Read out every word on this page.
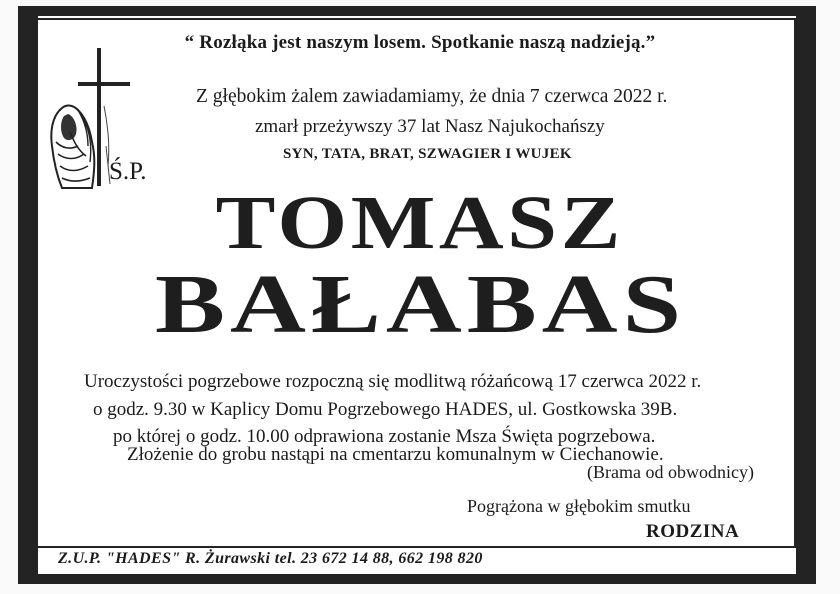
“ Rozłąka jest naszym losem. Spotkanie naszą nadzieją.”
Z głębokim żalem zawiadamiamy, że dnia 7 czerwca 2022 r.
zmarł przeżywszy 37 lat Nasz Najukochańszy
SYN, TATA, BRAT, SZWAGIER I WUJEK
Ś.P.
TOMASZ
BAŁABAS
Uroczystości pogrzebowe rozpoczną się modlitwą różańcową 17 czerwca 2022 r.
o godz. 9.30 w Kaplicy Domu Pogrzebowego HADES, ul. Gostkowska 39B.
po której o godz. 10.00 odprawiona zostanie Msza Święta pogrzebowa.
Złożenie do grobu nastąpi na cmentarzu komunalnym w Ciechanowie.
(Brama od obwodnicy)
Pogrążona w głębokim smutku
RODZINA
Z.U.P. "HADES" R. Żurawski tel. 23 672 14 88, 662 198 820
